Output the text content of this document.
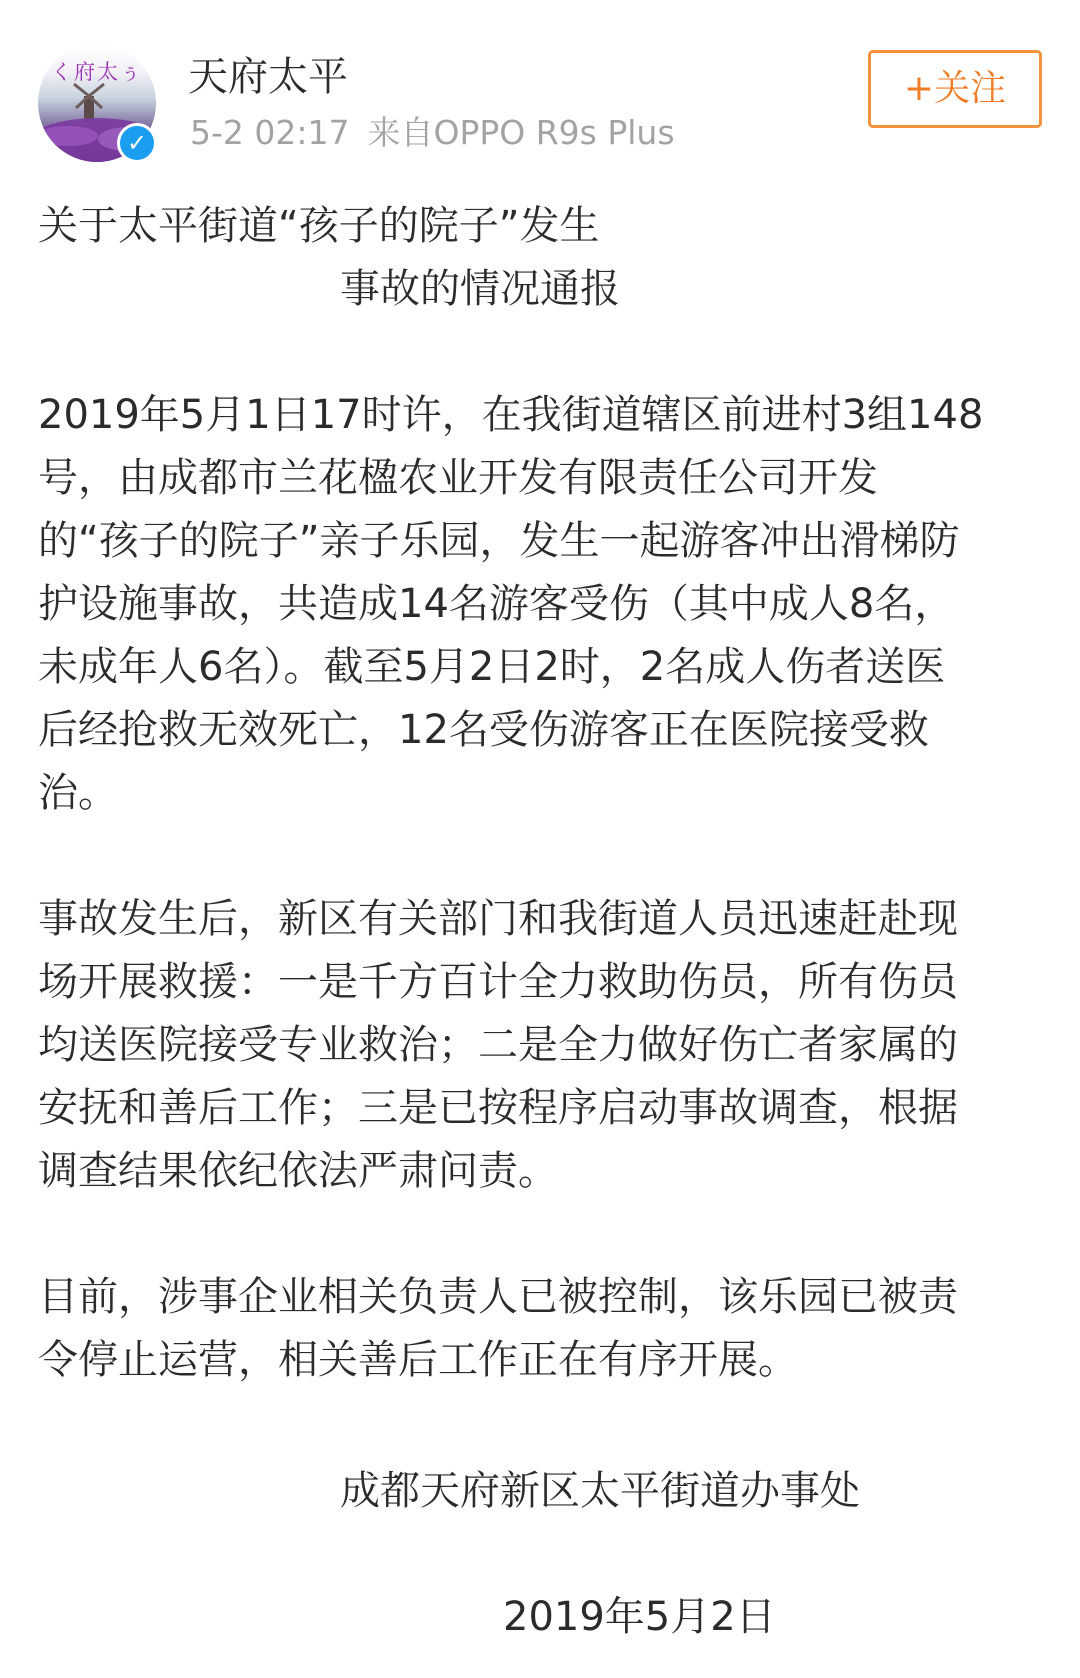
く府太ぅ
✓
天府太平
5-2 02:17 来自OPPO R9s Plus
+关注
关于太平街道“孩子的院子”发生
事故的情况通报
2019年5月1日17时许，在我街道辖区前进村3组148
号，由成都市兰花楹农业开发有限责任公司开发
的“孩子的院子”亲子乐园，发生一起游客冲出滑梯防
护设施事故，共造成14名游客受伤（其中成人8名，
未成年人6名）。截至5月2日2时，2名成人伤者送医
后经抢救无效死亡，12名受伤游客正在医院接受救
治。
事故发生后，新区有关部门和我街道人员迅速赶赴现
场开展救援：一是千方百计全力救助伤员，所有伤员
均送医院接受专业救治；二是全力做好伤亡者家属的
安抚和善后工作；三是已按程序启动事故调查，根据
调查结果依纪依法严肃问责。
目前，涉事企业相关负责人已被控制，该乐园已被责
令停止运营，相关善后工作正在有序开展。
成都天府新区太平街道办事处
2019年5月2日
